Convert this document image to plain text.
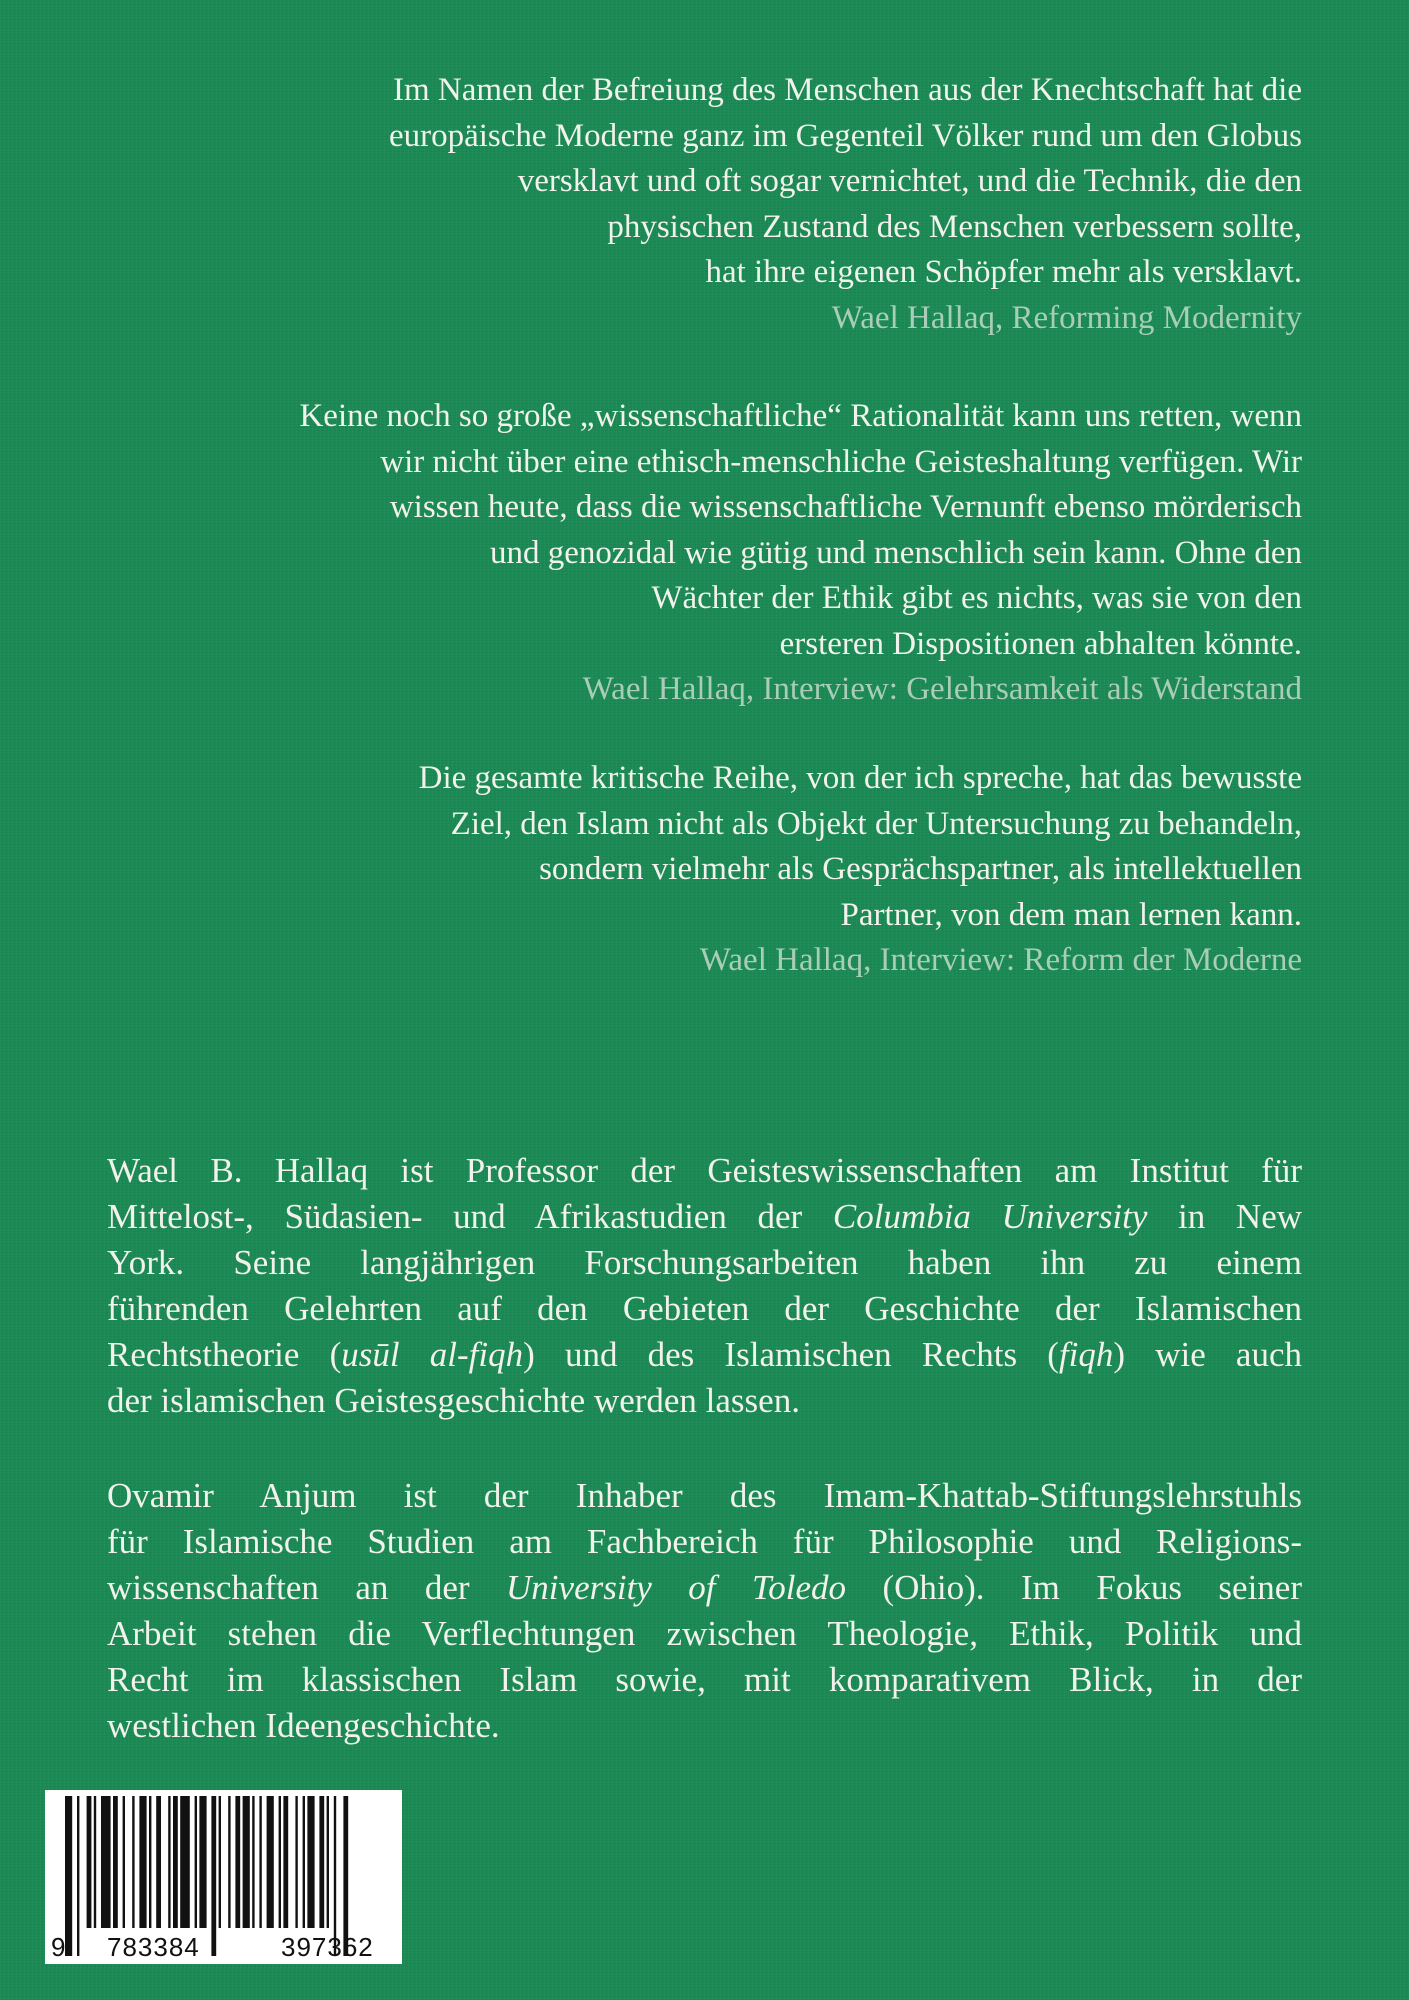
Im Namen der Befreiung des Menschen aus der Knechtschaft hat die
europäische Moderne ganz im Gegenteil Völker rund um den Globus
versklavt und oft sogar vernichtet, und die Technik, die den
physischen Zustand des Menschen verbessern sollte,
hat ihre eigenen Schöpfer mehr als versklavt.
Wael Hallaq, Reforming Modernity
Keine noch so große „wissenschaftliche“ Rationalität kann uns retten, wenn
wir nicht über eine ethisch-menschliche Geisteshaltung verfügen. Wir
wissen heute, dass die wissenschaftliche Vernunft ebenso mörderisch
und genozidal wie gütig und menschlich sein kann. Ohne den
Wächter der Ethik gibt es nichts, was sie von den
ersteren Dispositionen abhalten könnte.
Wael Hallaq, Interview: Gelehrsamkeit als Widerstand
Die gesamte kritische Reihe, von der ich spreche, hat das bewusste
Ziel, den Islam nicht als Objekt der Untersuchung zu behandeln,
sondern vielmehr als Gesprächspartner, als intellektuellen
Partner, von dem man lernen kann.
Wael Hallaq, Interview: Reform der Moderne
Wael B. Hallaq ist Professor der Geisteswissenschaften am Institut für
Mittelost-, Südasien- und Afrikastudien der Columbia University in New
York. Seine langjährigen Forschungsarbeiten haben ihn zu einem
führenden Gelehrten auf den Gebieten der Geschichte der Islamischen
Rechtstheorie (usūl al-fiqh) und des Islamischen Rechts (fiqh) wie auch
der islamischen Geistesgeschichte werden lassen.
Ovamir Anjum ist der Inhaber des Imam-Khattab-Stiftungslehrstuhls
für Islamische Studien am Fachbereich für Philosophie und Religions-
wissenschaften an der University of Toledo (Ohio). Im Fokus seiner
Arbeit stehen die Verflechtungen zwischen Theologie, Ethik, Politik und
Recht im klassischen Islam sowie, mit komparativem Blick, in der
westlichen Ideengeschichte.
9 783384	397362
